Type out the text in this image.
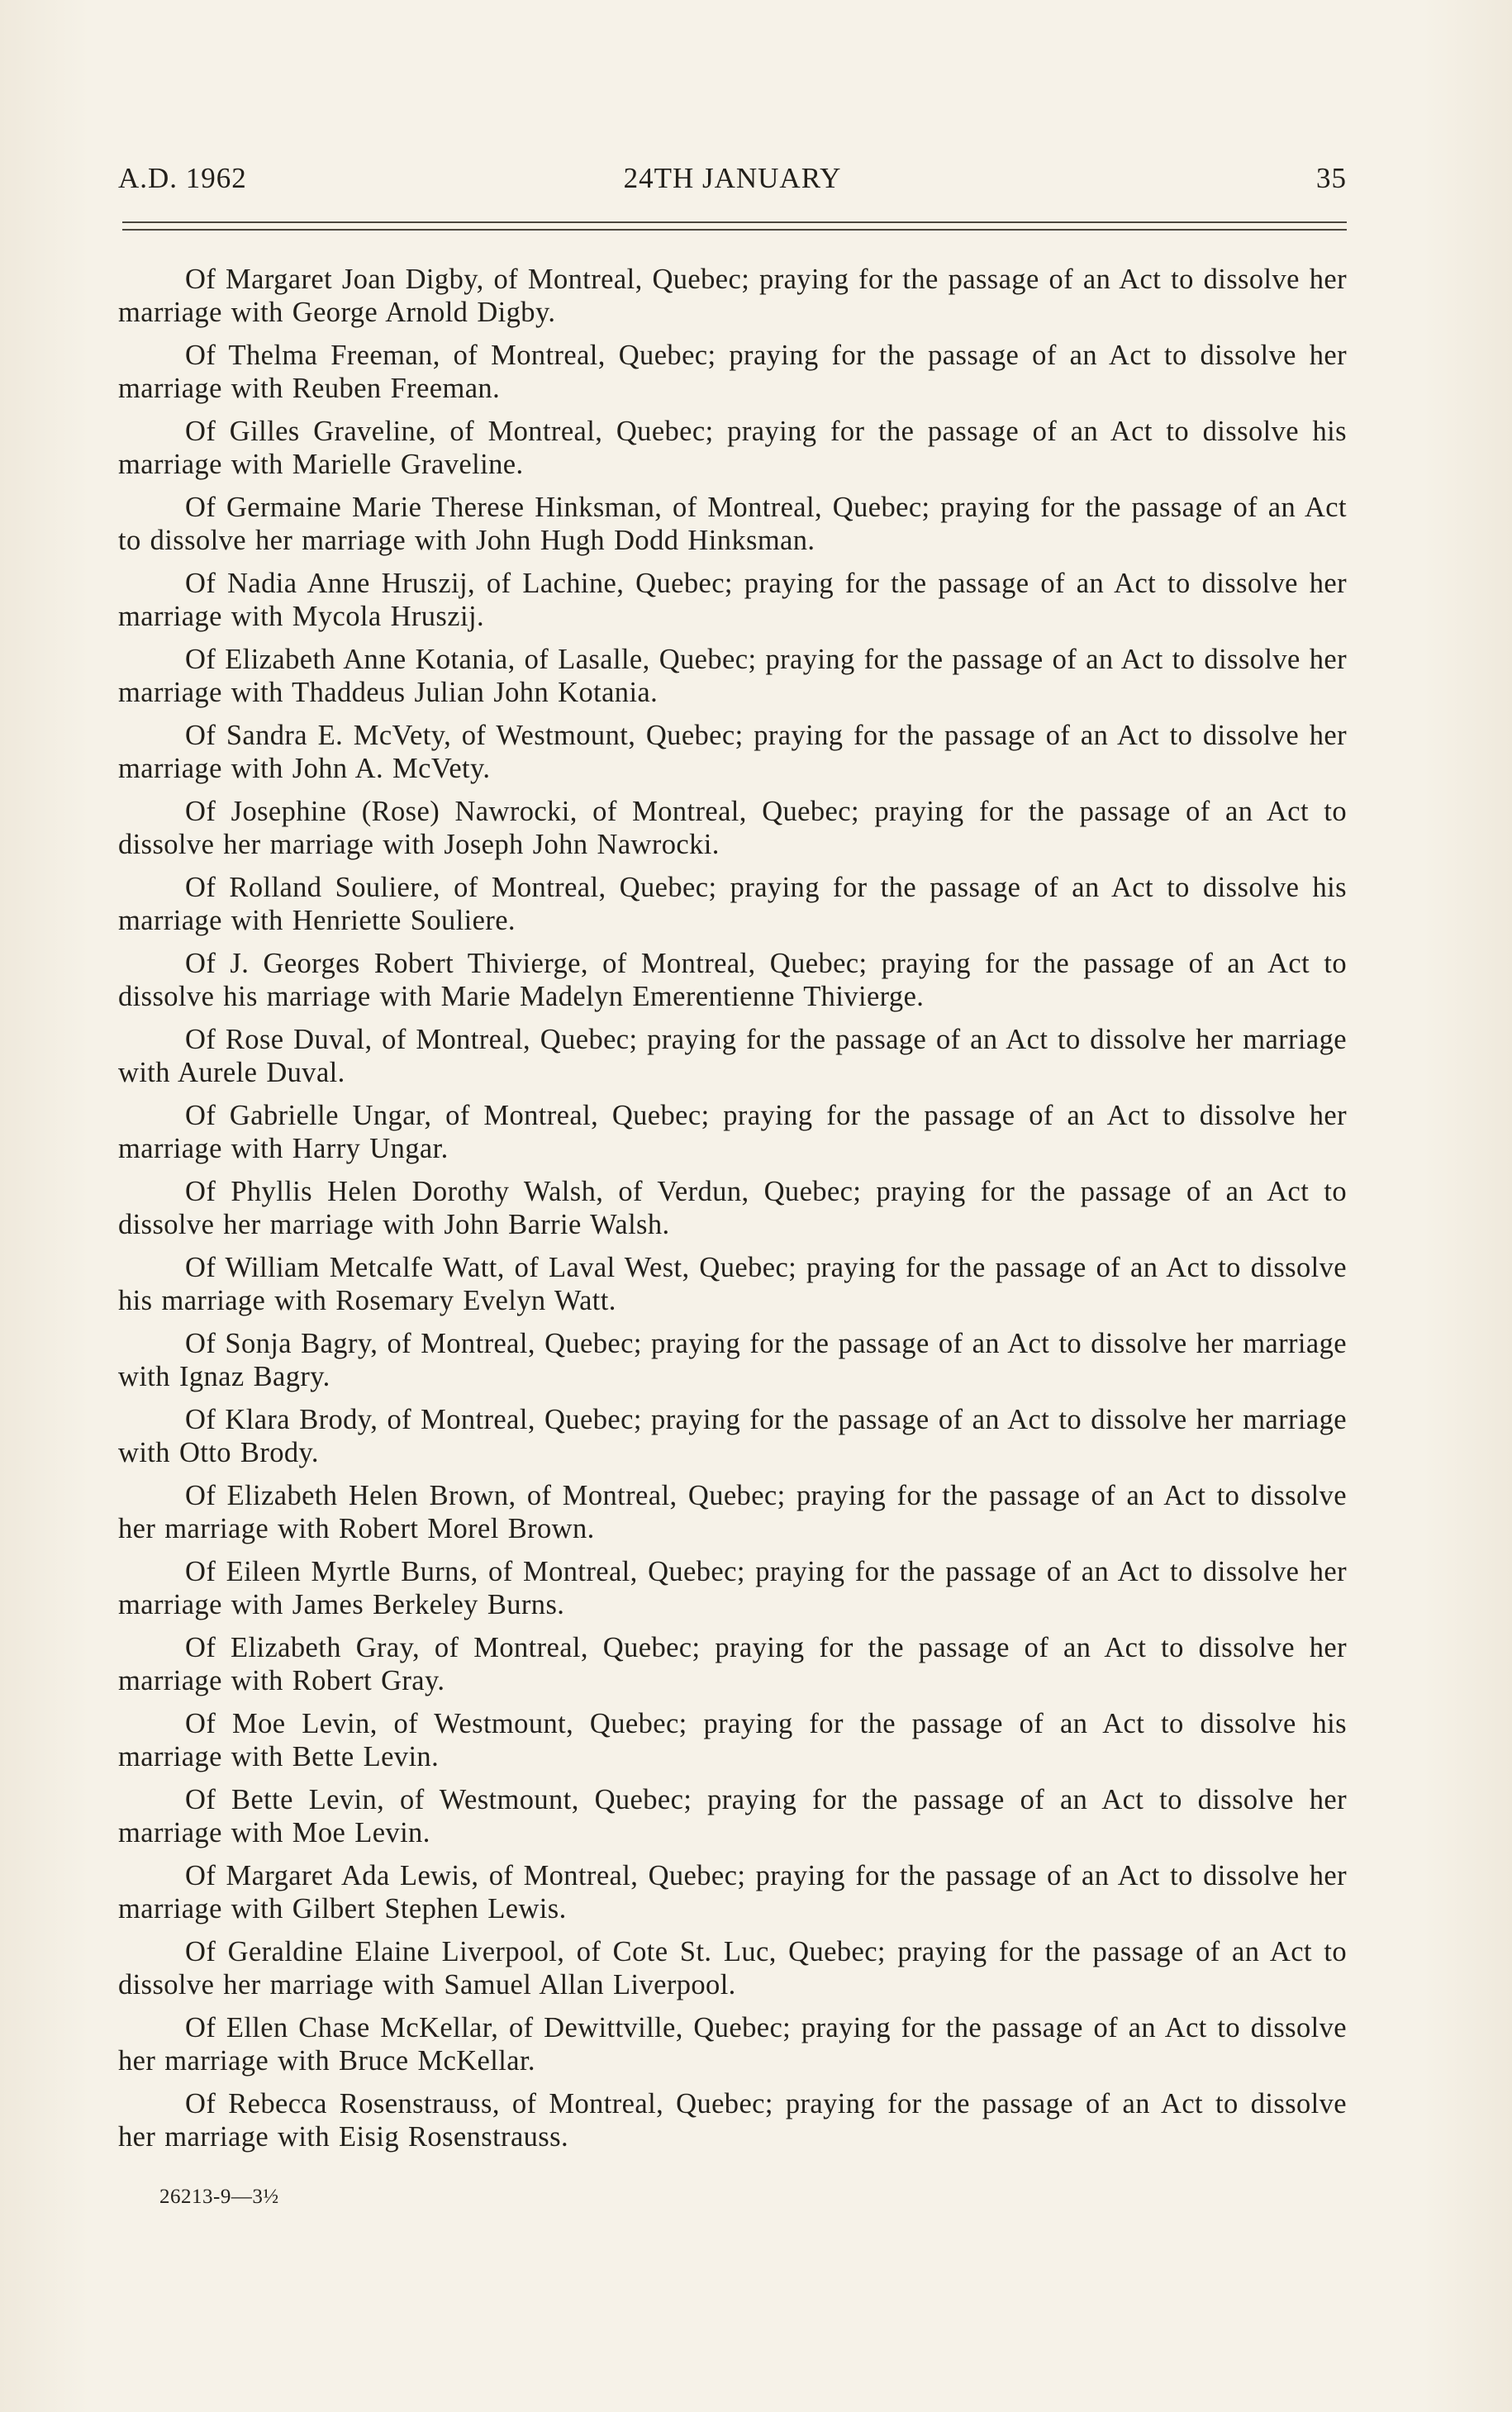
A.D. 1962	24TH JANUARY	35

Of Margaret Joan Digby, of Montreal, Quebec; praying for the passage of an Act to dissolve her marriage with George Arnold Digby.

Of Thelma Freeman, of Montreal, Quebec; praying for the passage of an Act to dissolve her marriage with Reuben Freeman.

Of Gilles Graveline, of Montreal, Quebec; praying for the passage of an Act to dissolve his marriage with Marielle Graveline.

Of Germaine Marie Therese Hinksman, of Montreal, Quebec; praying for the passage of an Act to dissolve her marriage with John Hugh Dodd Hinksman.

Of Nadia Anne Hruszij, of Lachine, Quebec; praying for the passage of an Act to dissolve her marriage with Mycola Hruszij.

Of Elizabeth Anne Kotania, of Lasalle, Quebec; praying for the passage of an Act to dissolve her marriage with Thaddeus Julian John Kotania.

Of Sandra E. McVety, of Westmount, Quebec; praying for the passage of an Act to dissolve her marriage with John A. McVety.

Of Josephine (Rose) Nawrocki, of Montreal, Quebec; praying for the passage of an Act to dissolve her marriage with Joseph John Nawrocki.

Of Rolland Souliere, of Montreal, Quebec; praying for the passage of an Act to dissolve his marriage with Henriette Souliere.

Of J. Georges Robert Thivierge, of Montreal, Quebec; praying for the passage of an Act to dissolve his marriage with Marie Madelyn Emerentienne Thivierge.

Of Rose Duval, of Montreal, Quebec; praying for the passage of an Act to dissolve her marriage with Aurele Duval.

Of Gabrielle Ungar, of Montreal, Quebec; praying for the passage of an Act to dissolve her marriage with Harry Ungar.

Of Phyllis Helen Dorothy Walsh, of Verdun, Quebec; praying for the passage of an Act to dissolve her marriage with John Barrie Walsh.

Of William Metcalfe Watt, of Laval West, Quebec; praying for the passage of an Act to dissolve his marriage with Rosemary Evelyn Watt.

Of Sonja Bagry, of Montreal, Quebec; praying for the passage of an Act to dissolve her marriage with Ignaz Bagry.

Of Klara Brody, of Montreal, Quebec; praying for the passage of an Act to dissolve her marriage with Otto Brody.

Of Elizabeth Helen Brown, of Montreal, Quebec; praying for the passage of an Act to dissolve her marriage with Robert Morel Brown.

Of Eileen Myrtle Burns, of Montreal, Quebec; praying for the passage of an Act to dissolve her marriage with James Berkeley Burns.

Of Elizabeth Gray, of Montreal, Quebec; praying for the passage of an Act to dissolve her marriage with Robert Gray.

Of Moe Levin, of Westmount, Quebec; praying for the passage of an Act to dissolve his marriage with Bette Levin.

Of Bette Levin, of Westmount, Quebec; praying for the passage of an Act to dissolve her marriage with Moe Levin.

Of Margaret Ada Lewis, of Montreal, Quebec; praying for the passage of an Act to dissolve her marriage with Gilbert Stephen Lewis.

Of Geraldine Elaine Liverpool, of Cote St. Luc, Quebec; praying for the passage of an Act to dissolve her marriage with Samuel Allan Liverpool.

Of Ellen Chase McKellar, of Dewittville, Quebec; praying for the passage of an Act to dissolve her marriage with Bruce McKellar.

Of Rebecca Rosenstrauss, of Montreal, Quebec; praying for the passage of an Act to dissolve her marriage with Eisig Rosenstrauss.

26213-9—3½
